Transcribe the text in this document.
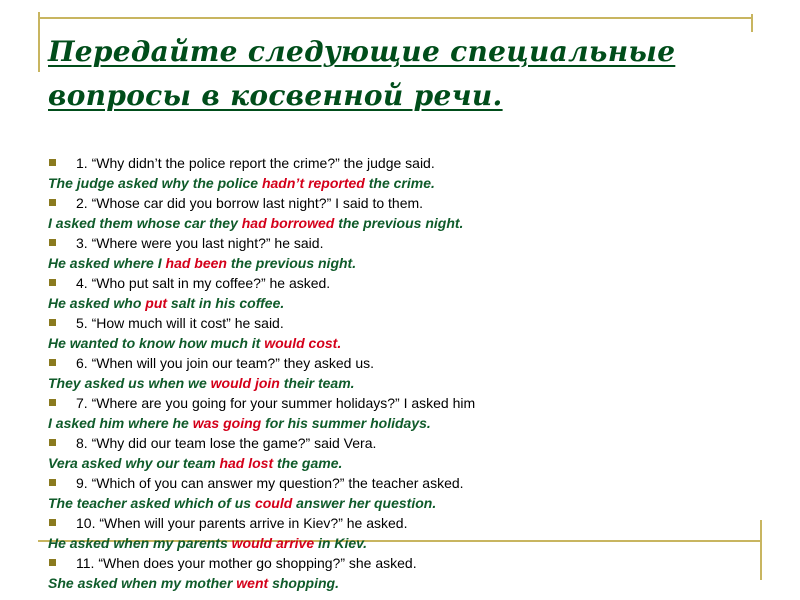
Передайте следующие специальные
вопросы в косвенной речи.
1. “Why didn’t the police report the crime?” the judge said.
The judge asked why the police hadn’t reported the crime.
2. “Whose car did you borrow last night?” I said to them.
I asked them whose car they had borrowed the previous night.
3. “Where were you last night?” he said.
He asked where I had been the previous night.
4. “Who put salt in my coffee?” he asked.
He asked who put salt in his coffee.
5. “How much will it cost” he said.
He wanted to know how much it would cost.
6. “When will you join our team?” they asked us.
They asked us when we would join their team.
7. “Where are you going for your summer holidays?” I asked him
I asked him where he was going for his summer holidays.
8. “Why did our team lose the game?” said Vera.
Vera asked why our team had lost the game.
9. “Which of you can answer my question?” the teacher asked.
The teacher asked which of us could answer her question.
10. “When will your parents arrive in Kiev?” he asked.
He asked when my parents would arrive in Kiev.
11. “When does your mother go shopping?” she asked.
She asked when my mother went shopping.
